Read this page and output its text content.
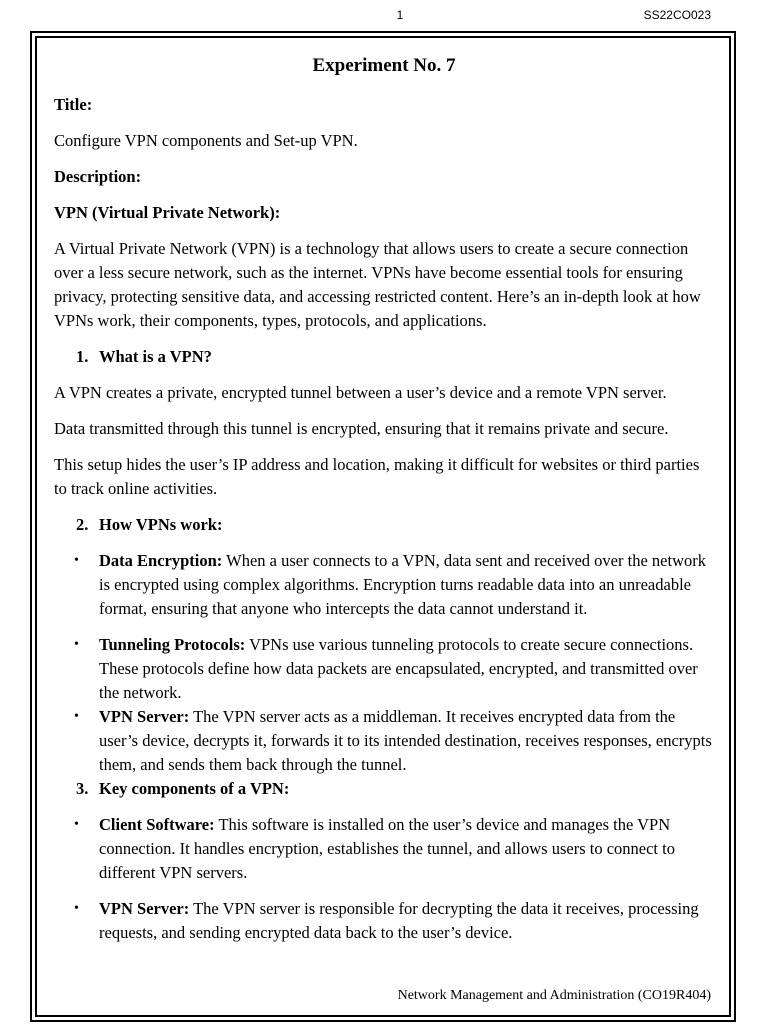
1	SS22CO023
Experiment No. 7

Title:

Configure VPN components and Set-up VPN.

Description:

VPN (Virtual Private Network):

A Virtual Private Network (VPN) is a technology that allows users to create a secure connection over a less secure network, such as the internet. VPNs have become essential tools for ensuring privacy, protecting sensitive data, and accessing restricted content. Here’s an in-depth look at how VPNs work, their components, types, protocols, and applications.

1. What is a VPN?

A VPN creates a private, encrypted tunnel between a user’s device and a remote VPN server.

Data transmitted through this tunnel is encrypted, ensuring that it remains private and secure.

This setup hides the user’s IP address and location, making it difficult for websites or third parties to track online activities.

2. How VPNs work:
• Data Encryption: When a user connects to a VPN, data sent and received over the network is encrypted using complex algorithms. Encryption turns readable data into an unreadable format, ensuring that anyone who intercepts the data cannot understand it.
• Tunneling Protocols: VPNs use various tunneling protocols to create secure connections. These protocols define how data packets are encapsulated, encrypted, and transmitted over the network.
• VPN Server: The VPN server acts as a middleman. It receives encrypted data from the user’s device, decrypts it, forwards it to its intended destination, receives responses, encrypts them, and sends them back through the tunnel.
3. Key components of a VPN:
• Client Software: This software is installed on the user’s device and manages the VPN connection. It handles encryption, establishes the tunnel, and allows users to connect to different VPN servers.
• VPN Server: The VPN server is responsible for decrypting the data it receives, processing requests, and sending encrypted data back to the user’s device.
Network Management and Administration (CO19R404)
